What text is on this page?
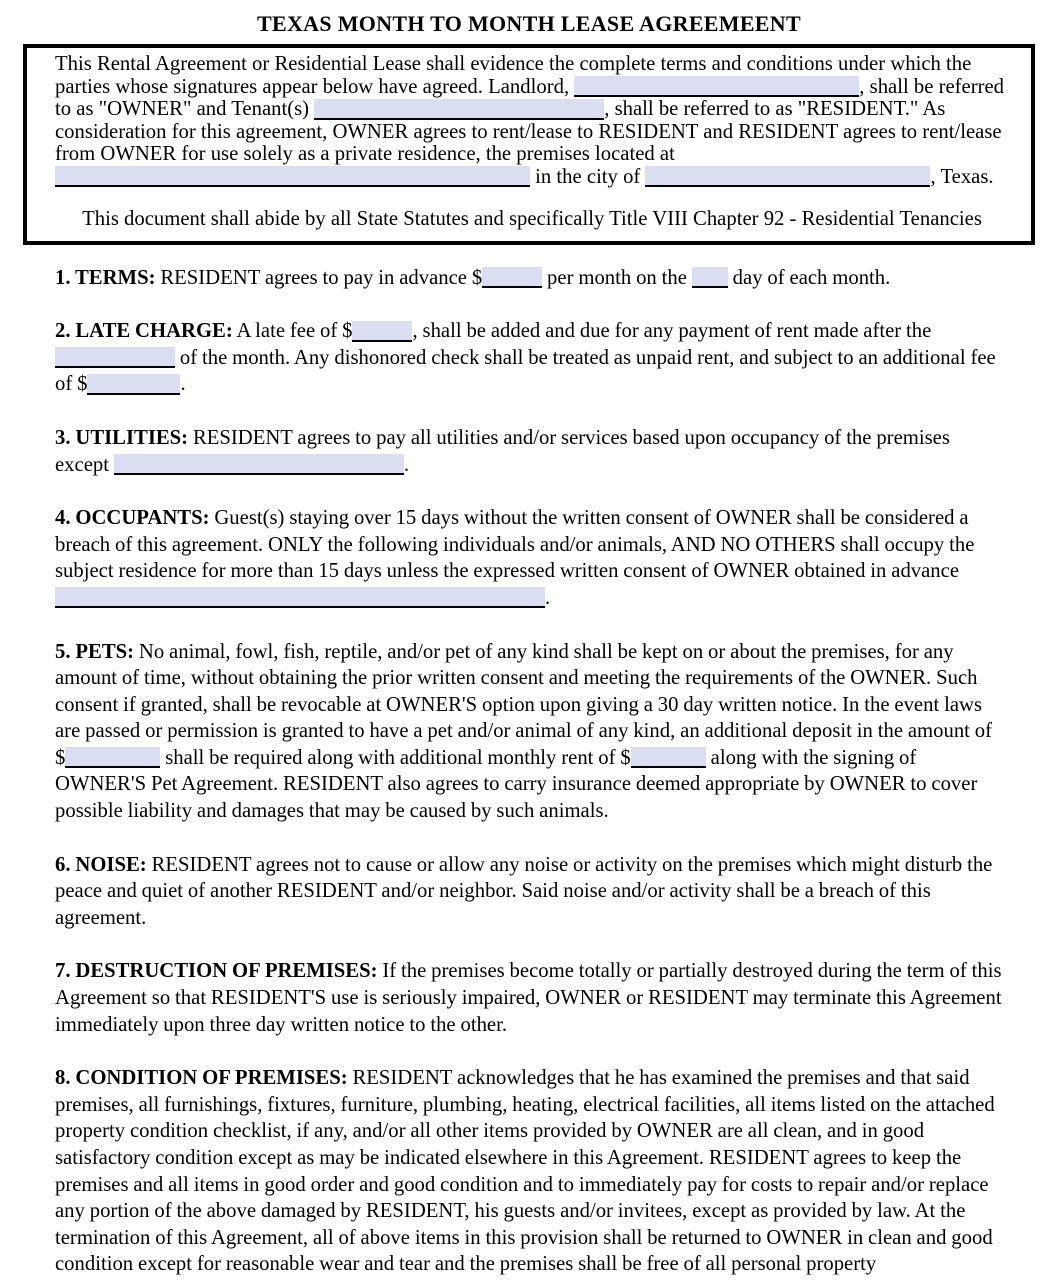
TEXAS MONTH TO MONTH LEASE AGREEMEENT

This Rental Agreement or Residential Lease shall evidence the complete terms and conditions under which the parties whose signatures appear below have agreed. Landlord,	, shall be referred to as "OWNER" and Tenant(s)	, shall be referred to as "RESIDENT." As consideration for this agreement, OWNER agrees to rent/lease to RESIDENT and RESIDENT agrees to rent/lease from OWNER for use solely as a private residence, the premises located at  in the city of	, Texas.

This document shall abide by all State Statutes and specifically Title VIII Chapter 92 - Residential Tenancies

1. TERMS: RESIDENT agrees to pay in advance $	per month on the  day of each month.

2. LATE CHARGE: A late fee of $	, shall be added and due for any payment of rent made after the  of the month. Any dishonored check shall be treated as unpaid rent, and subject to an additional fee of $	.

3. UTILITIES: RESIDENT agrees to pay all utilities and/or services based upon occupancy of the premises except	.

4. OCCUPANTS: Guest(s) staying over 15 days without the written consent of OWNER shall be considered a breach of this agreement. ONLY the following individuals and/or animals, AND NO OTHERS shall occupy the subject residence for more than 15 days unless the expressed written consent of OWNER obtained in advance .

5. PETS: No animal, fowl, fish, reptile, and/or pet of any kind shall be kept on or about the premises, for any amount of time, without obtaining the prior written consent and meeting the requirements of the OWNER. Such consent if granted, shall be revocable at OWNER'S option upon giving a 30 day written notice. In the event laws are passed or permission is granted to have a pet and/or animal of any kind, an additional deposit in the amount of $	shall be required along with additional monthly rent of $	along with the signing of OWNER'S Pet Agreement. RESIDENT also agrees to carry insurance deemed appropriate by OWNER to cover possible liability and damages that may be caused by such animals.

6. NOISE: RESIDENT agrees not to cause or allow any noise or activity on the premises which might disturb the peace and quiet of another RESIDENT and/or neighbor. Said noise and/or activity shall be a breach of this agreement.

7. DESTRUCTION OF PREMISES: If the premises become totally or partially destroyed during the term of this Agreement so that RESIDENT'S use is seriously impaired, OWNER or RESIDENT may terminate this Agreement immediately upon three day written notice to the other.

8. CONDITION OF PREMISES: RESIDENT acknowledges that he has examined the premises and that said premises, all furnishings, fixtures, furniture, plumbing, heating, electrical facilities, all items listed on the attached property condition checklist, if any, and/or all other items provided by OWNER are all clean, and in good satisfactory condition except as may be indicated elsewhere in this Agreement. RESIDENT agrees to keep the premises and all items in good order and good condition and to immediately pay for costs to repair and/or replace any portion of the above damaged by RESIDENT, his guests and/or invitees, except as provided by law. At the termination of this Agreement, all of above items in this provision shall be returned to OWNER in clean and good condition except for reasonable wear and tear and the premises shall be free of all personal property
